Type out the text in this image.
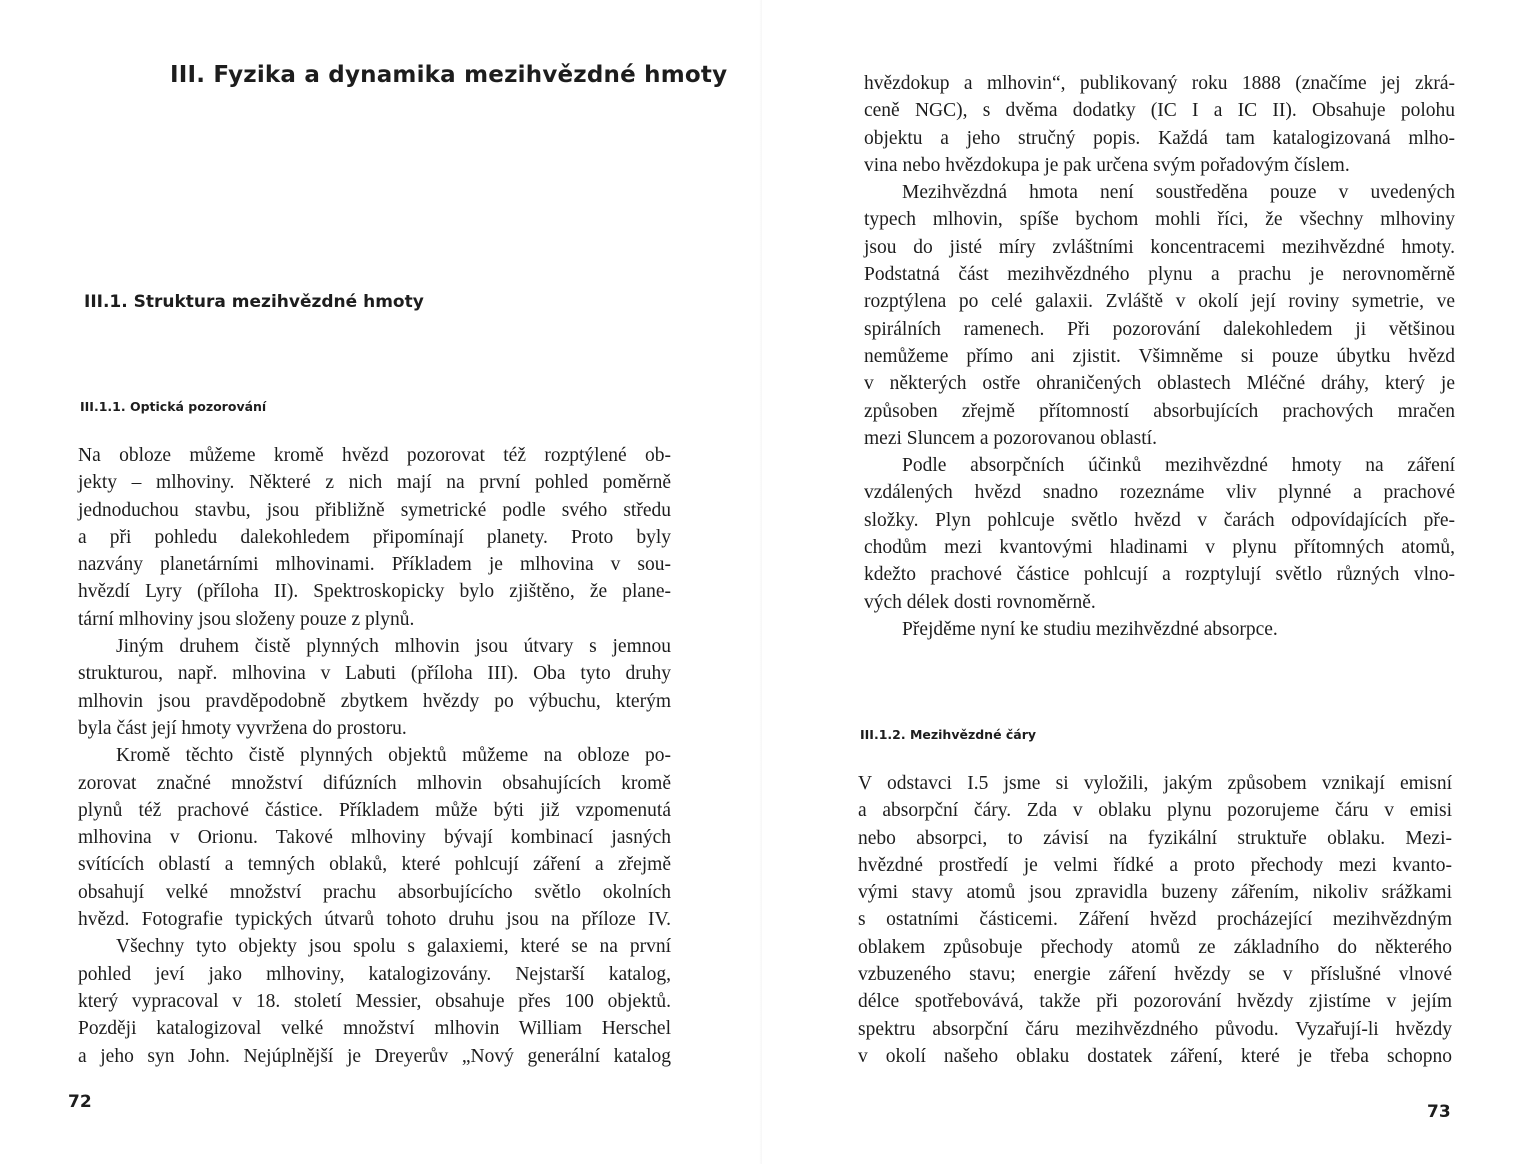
III. Fyzika a dynamika mezihvězdné hmoty
III.1. Struktura mezihvězdné hmoty
III.1.1. Optická pozorování
Na obloze můžeme kromě hvězd pozorovat též rozptýlené ob-
jekty – mlhoviny. Některé z nich mají na první pohled poměrně
jednoduchou stavbu, jsou přibližně symetrické podle svého středu
a při pohledu dalekohledem připomínají planety. Proto byly
nazvány planetárními mlhovinami. Příkladem je mlhovina v sou-
hvězdí Lyry (příloha II). Spektroskopicky bylo zjištěno, že plane-
tární mlhoviny jsou složeny pouze z plynů.
Jiným druhem čistě plynných mlhovin jsou útvary s jemnou
strukturou, např. mlhovina v Labuti (příloha III). Oba tyto druhy
mlhovin jsou pravděpodobně zbytkem hvězdy po výbuchu, kterým
byla část její hmoty vyvržena do prostoru.
Kromě těchto čistě plynných objektů můžeme na obloze po-
zorovat značné množství difúzních mlhovin obsahujících kromě
plynů též prachové částice. Příkladem může býti již vzpomenutá
mlhovina v Orionu. Takové mlhoviny bývají kombinací jasných
svítících oblastí a temných oblaků, které pohlcují záření a zřejmě
obsahují velké množství prachu absorbujícícho světlo okolních
hvězd. Fotografie typických útvarů tohoto druhu jsou na příloze IV.
Všechny tyto objekty jsou spolu s galaxiemi, které se na první
pohled jeví jako mlhoviny, katalogizovány. Nejstarší katalog,
který vypracoval v 18. století Messier, obsahuje přes 100 objektů.
Později katalogizoval velké množství mlhovin William Herschel
a jeho syn John. Nejúplnější je Dreyerův „Nový generální katalog

72

hvězdokup a mlhovin“, publikovaný roku 1888 (značíme jej zkrá-
ceně NGC), s dvěma dodatky (IC I a IC II). Obsahuje polohu
objektu a jeho stručný popis. Každá tam katalogizovaná mlho-
vina nebo hvězdokupa je pak určena svým pořadovým číslem.
Mezihvězdná hmota není soustředěna pouze v uvedených
typech mlhovin, spíše bychom mohli říci, že všechny mlhoviny
jsou do jisté míry zvláštními koncentracemi mezihvězdné hmoty.
Podstatná část mezihvězdného plynu a prachu je nerovnoměrně
rozptýlena po celé galaxii. Zvláště v okolí její roviny symetrie, ve
spirálních ramenech. Při pozorování dalekohledem ji většinou
nemůžeme přímo ani zjistit. Všimněme si pouze úbytku hvězd
v některých ostře ohraničených oblastech Mléčné dráhy, který je
způsoben zřejmě přítomností absorbujících prachových mračen
mezi Sluncem a pozorovanou oblastí.
Podle absorpčních účinků mezihvězdné hmoty na záření
vzdálených hvězd snadno rozeznáme vliv plynné a prachové
složky. Plyn pohlcuje světlo hvězd v čarách odpovídajících pře-
chodům mezi kvantovými hladinami v plynu přítomných atomů,
kdežto prachové částice pohlcují a rozptylují světlo různých vlno-
vých délek dosti rovnoměrně.
Přejděme nyní ke studiu mezihvězdné absorpce.
III.1.2. Mezihvězdné čáry
V odstavci I.5 jsme si vyložili, jakým způsobem vznikají emisní
a absorpční čáry. Zda v oblaku plynu pozorujeme čáru v emisi
nebo absorpci, to závisí na fyzikální struktuře oblaku. Mezi-
hvězdné prostředí je velmi řídké a proto přechody mezi kvanto-
vými stavy atomů jsou zpravidla buzeny zářením, nikoliv srážkami
s ostatními částicemi. Záření hvězd procházející mezihvězdným
oblakem způsobuje přechody atomů ze základního do některého
vzbuzeného stavu; energie záření hvězdy se v příslušné vlnové
délce spotřebovává, takže při pozorování hvězdy zjistíme v jejím
spektru absorpční čáru mezihvězdného původu. Vyzařují-li hvězdy
v okolí našeho oblaku dostatek záření, které je třeba schopno

73
